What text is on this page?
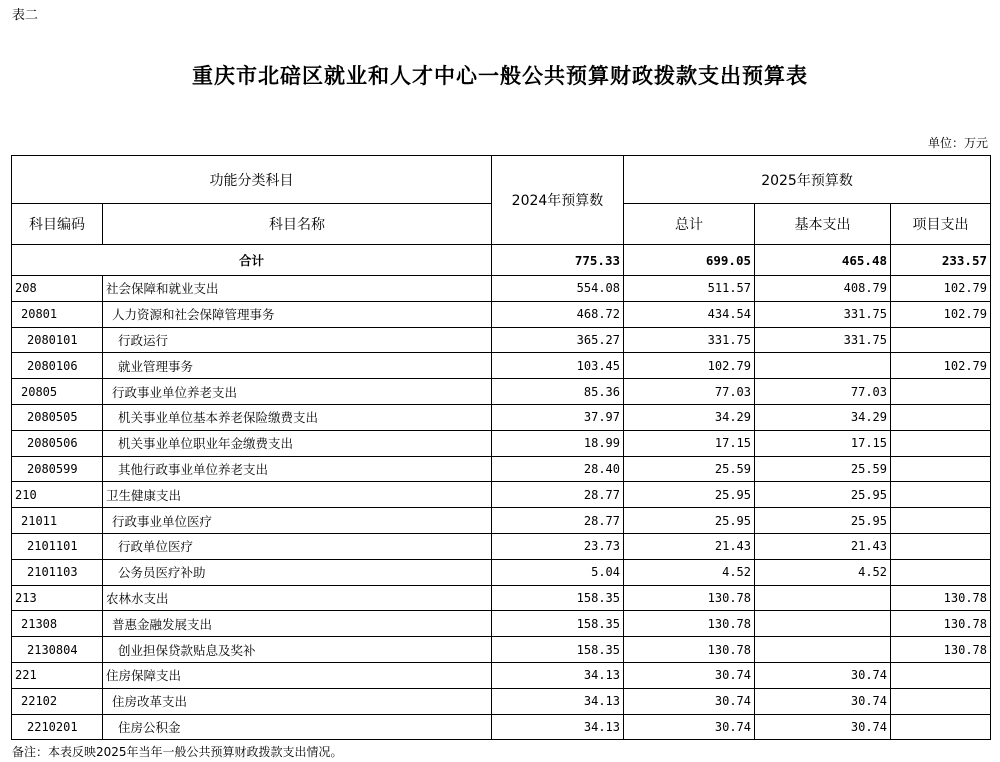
表二
重庆市北碚区就业和人才中心一般公共预算财政拨款支出预算表
单位：万元
功能分类科目		2024年预算数	2025年预算数		
科目编码	科目名称		总计	基本支出	项目支出
合计		775.33	699.05	465.48	233.57
208	社会保障和就业支出	554.08	511.57	408.79	102.79
20801	人力资源和社会保障管理事务	468.72	434.54	331.75	102.79
2080101	行政运行	365.27	331.75	331.75	
2080106	就业管理事务	103.45	102.79		102.79
20805	行政事业单位养老支出	85.36	77.03	77.03	
2080505	机关事业单位基本养老保险缴费支出	37.97	34.29	34.29	
2080506	机关事业单位职业年金缴费支出	18.99	17.15	17.15	
2080599	其他行政事业单位养老支出	28.40	25.59	25.59	
210	卫生健康支出	28.77	25.95	25.95	
21011	行政事业单位医疗	28.77	25.95	25.95	
2101101	行政单位医疗	23.73	21.43	21.43	
2101103	公务员医疗补助	5.04	4.52	4.52	
213	农林水支出	158.35	130.78		130.78
21308	普惠金融发展支出	158.35	130.78		130.78
2130804	创业担保贷款贴息及奖补	158.35	130.78		130.78
221	住房保障支出	34.13	30.74	30.74	
22102	住房改革支出	34.13	30.74	30.74	
2210201	住房公积金	34.13	30.74	30.74	
备注：本表反映2025年当年一般公共预算财政拨款支出情况。
